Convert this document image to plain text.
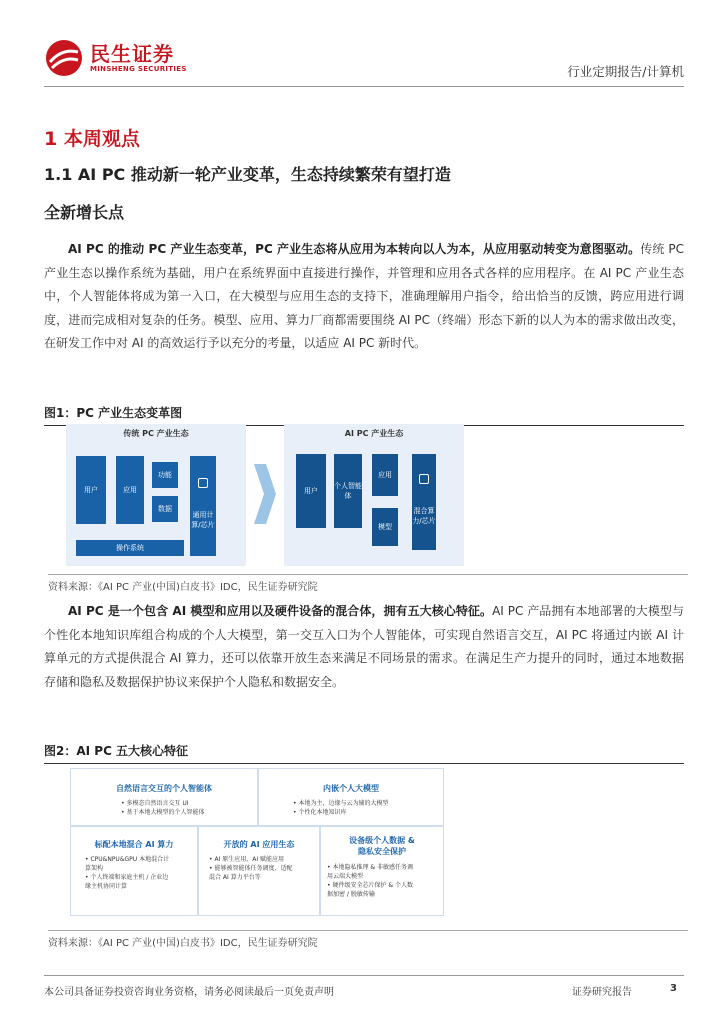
民生证券
MINSHENG SECURITIES	行业定期报告/计算机
1 本周观点
1.1 AI PC 推动新一轮产业变革，生态持续繁荣有望打造
全新增长点
AI PC 的推动 PC 产业生态变革，PC 产业生态将从应用为本转向以人为本，从应用驱动转变为意图驱动。传统 PC 产业生态以操作系统为基础，用户在系统界面中直接进行操作，并管理和应用各式各样的应用程序。在 AI PC 产业生态中，个人智能体将成为第一入口，在大模型与应用生态的支持下，准确理解用户指令，给出恰当的反馈，跨应用进行调度，进而完成相对复杂的任务。模型、应用、算力厂商都需要围绕 AI PC（终端）形态下新的以人为本的需求做出改变，在研发工作中对 AI 的高效运行予以充分的考量，以适应 AI PC 新时代。
图1：PC 产业生态变革图
传统 PC 产业生态
用户	应用
功能
数据
通用计算/芯片
操作系统
AI PC 产业生态
用户
个人智能体
应用
模型
混合算力/芯片
资料来源：《AI PC 产业(中国)白皮书》IDC，民生证券研究院
AI PC 是一个包含 AI 模型和应用以及硬件设备的混合体，拥有五大核心特征。AI PC 产品拥有本地部署的大模型与个性化本地知识库组合构成的个人大模型，第一交互入口为个人智能体，可实现自然语言交互，AI PC 将通过内嵌 AI 计算单元的方式提供混合 AI 算力，还可以依靠开放生态来满足不同场景的需求。在满足生产力提升的同时，通过本地数据存储和隐私及数据保护协议来保护个人隐私和数据安全。
图2：AI PC 五大核心特征
自然语言交互的个人智能体
• 多模态自然语言交互 UI
• 基于本地大模型的个人智能体
内嵌个人大模型
• 本地为主，边缘与云为辅的大模型
• 个性化本地知识库
标配本地混合 AI 算力
• CPU&NPU&GPU 本地混合计
算架构
• 个人终端和家庭主机 / 企业边
缘主机协同计算
开放的 AI 应用生态
• AI 原生应用、AI 赋能应用
• 能够被智能体任务调度、适配
混合 AI 算力平台等
设备级个人数据 & 隐私安全保护
• 本地隐私推理 & 非敏感任务调
用云端大模型
• 硬件级安全芯片保护 & 个人数
据加密 / 脱敏传输
资料来源：《AI PC 产业(中国)白皮书》IDC，民生证券研究院
本公司具备证券投资咨询业务资格，请务必阅读最后一页免责声明	证券研究报告	3
